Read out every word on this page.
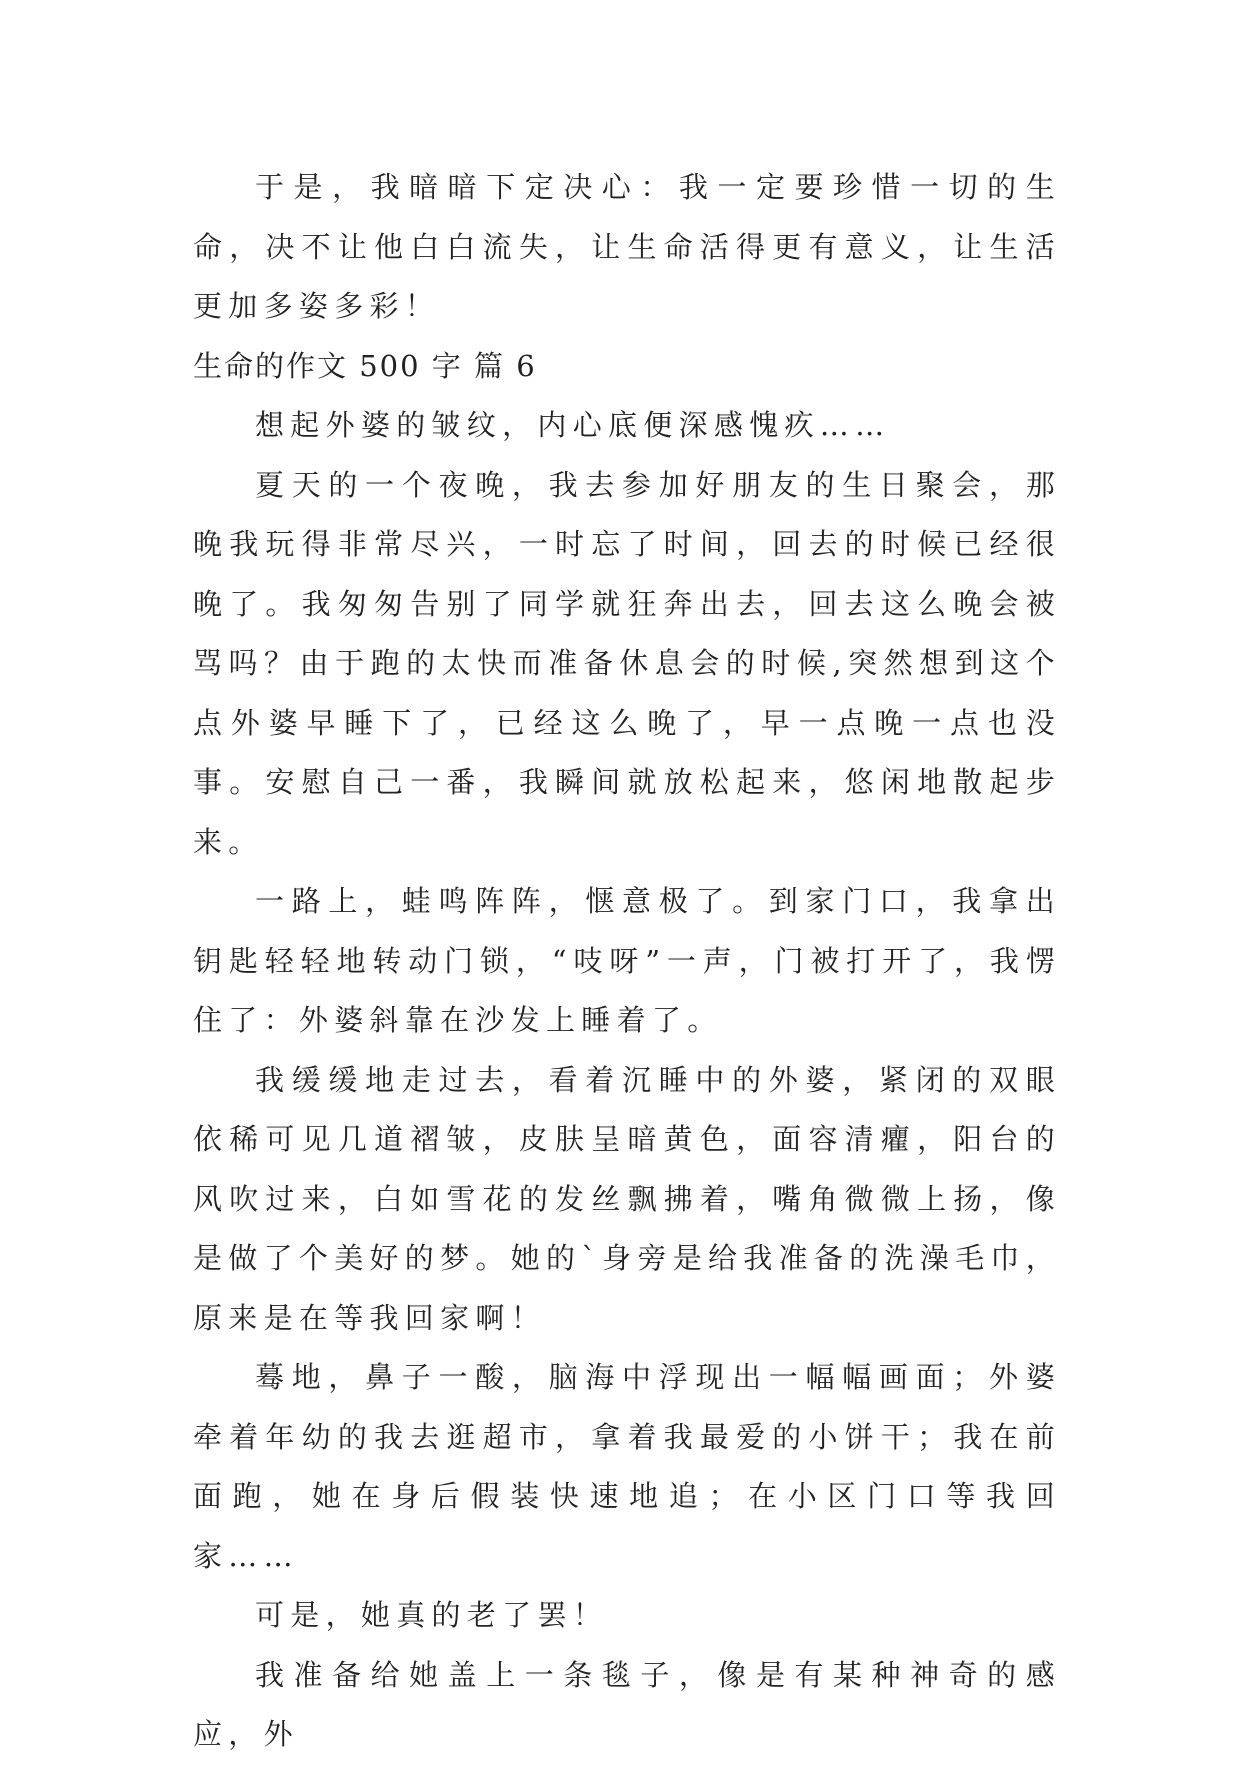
于是，我暗暗下定决心：我一定要珍惜一切的生命，决不让他白白流失，让生命活得更有意义，让生活更加多姿多彩！

生命的作文 500 字 篇 6

想起外婆的皱纹，内心底便深感愧疚……

夏天的一个夜晚，我去参加好朋友的生日聚会，那晚我玩得非常尽兴，一时忘了时间，回去的时候已经很晚了。我匆匆告别了同学就狂奔出去，回去这么晚会被骂吗？由于跑的太快而准备休息会的时候,突然想到这个点外婆早睡下了，已经这么晚了，早一点晚一点也没事。安慰自己一番，我瞬间就放松起来，悠闲地散起步来。

一路上，蛙鸣阵阵，惬意极了。到家门口，我拿出钥匙轻轻地转动门锁，“吱呀”一声，门被打开了，我愣住了：外婆斜靠在沙发上睡着了。

我缓缓地走过去，看着沉睡中的外婆，紧闭的双眼依稀可见几道褶皱，皮肤呈暗黄色，面容清癯，阳台的风吹过来，白如雪花的发丝飘拂着，嘴角微微上扬，像是做了个美好的梦。她的`身旁是给我准备的洗澡毛巾，原来是在等我回家啊！

蓦地，鼻子一酸，脑海中浮现出一幅幅画面；外婆牵着年幼的我去逛超市，拿着我最爱的小饼干；我在前面跑，她在身后假装快速地追；在小区门口等我回家……

可是，她真的老了罢！

我准备给她盖上一条毯子，像是有某种神奇的感应，外
